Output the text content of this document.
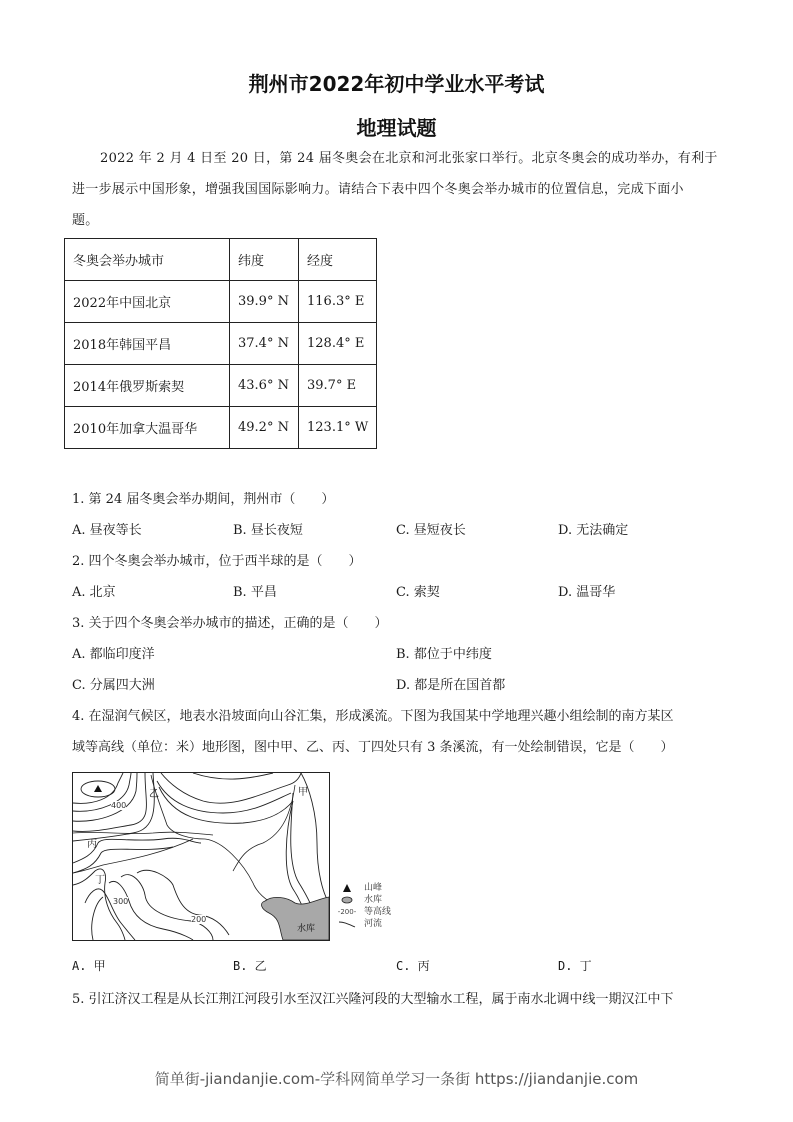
荆州市2022年初中学业水平考试
地理试题
2022 年 2 月 4 日至 20 日，第 24 届冬奥会在北京和河北张家口举行。北京冬奥会的成功举办，有利于
进一步展示中国形象，增强我国国际影响力。请结合下表中四个冬奥会举办城市的位置信息，完成下面小
题。
冬奥会举办城市	纬度	经度
2022年中国北京	39.9° N	116.3° E
2018年韩国平昌	37.4° N	128.4° E
2014年俄罗斯索契	43.6° N	39.7° E
2010年加拿大温哥华	49.2° N	123.1° W
1. 第 24 届冬奥会举办期间，荆州市（　　）
A. 昼夜等长	B. 昼长夜短	C. 昼短夜长	D. 无法确定
2. 四个冬奥会举办城市，位于西半球的是（　　）
A. 北京	B. 平昌	C. 索契	D. 温哥华
3. 关于四个冬奥会举办城市的描述，正确的是（　　）
A. 都临印度洋	B. 都位于中纬度
C. 分属四大洲	D. 都是所在国首都
4. 在湿润气候区，地表水沿坡面向山谷汇集，形成溪流。下图为我国某中学地理兴趣小组绘制的南方某区
域等高线（单位：米）地形图，图中甲、乙、丙、丁四处只有 3 条溪流，有一处绘制错误，它是（　　）
400
300
200
乙	甲
丙
丁
水库
山峰
水库
- 200 - 等高线
河流
A. 甲	B. 乙	C. 丙	D. 丁
5. 引江济汉工程是从长江荆江河段引水至汉江兴隆河段的大型输水工程，属于南水北调中线一期汉江中下
简单街-jiandanjie.com-学科网简单学习一条街 https://jiandanjie.com
